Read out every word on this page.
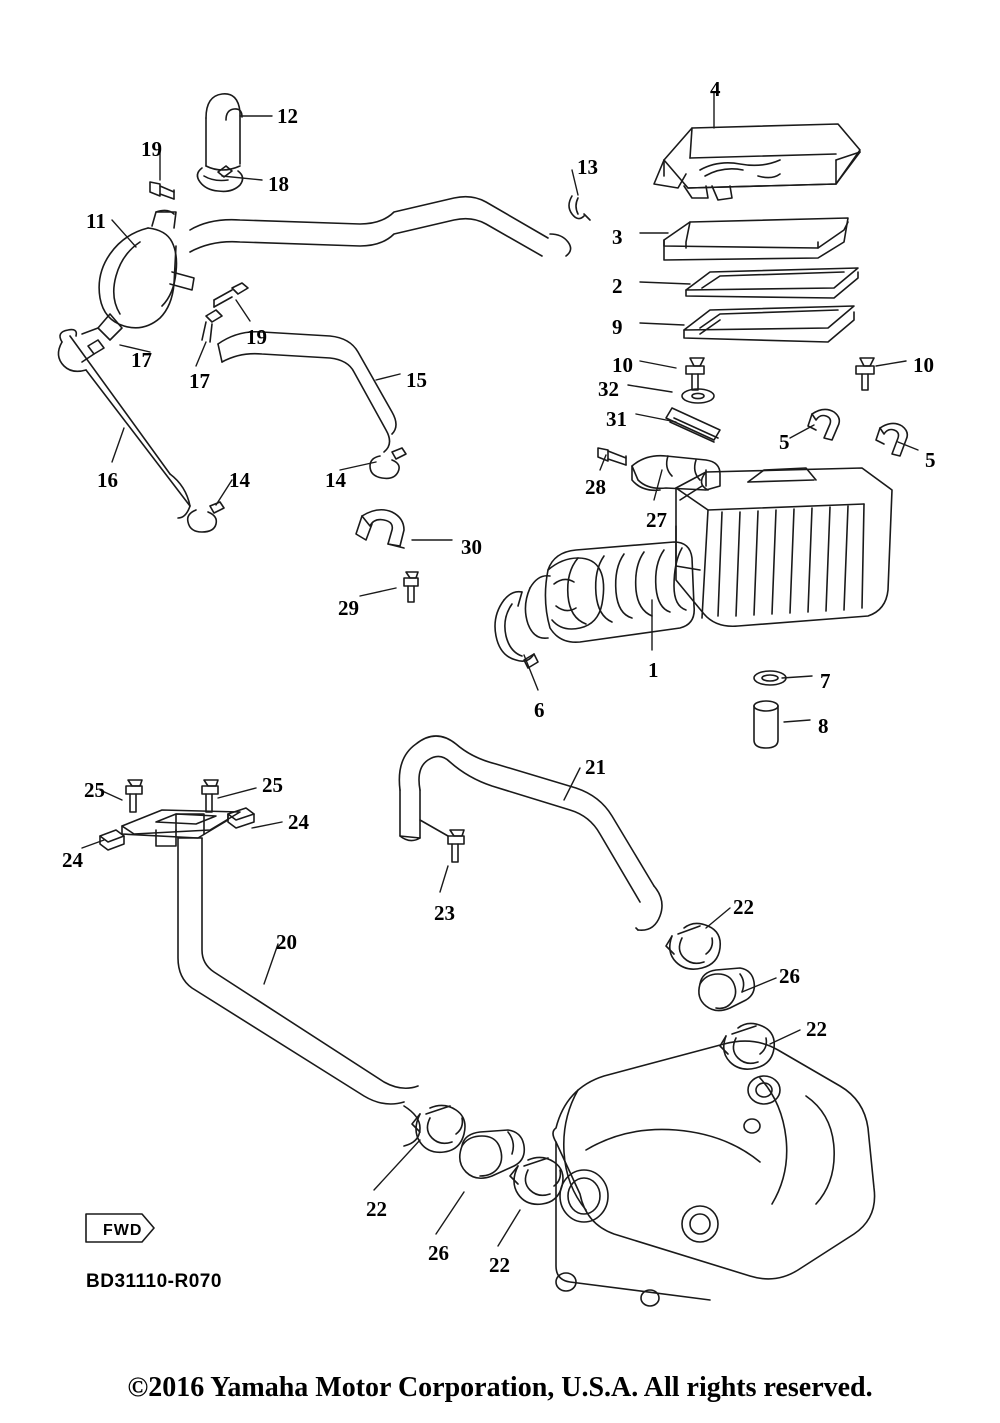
FWD
BD31110-R070
©2016 Yamaha Motor Corporation, U.S.A. All rights reserved.
12
19
18
13
4
11
3
2
9
19
10	10
32
31
5
5
17
17	15
28
27
16	14	14
30
29
1
6
7
8
21
25	25
24
24
23	22
26
22
20
22
26 22
